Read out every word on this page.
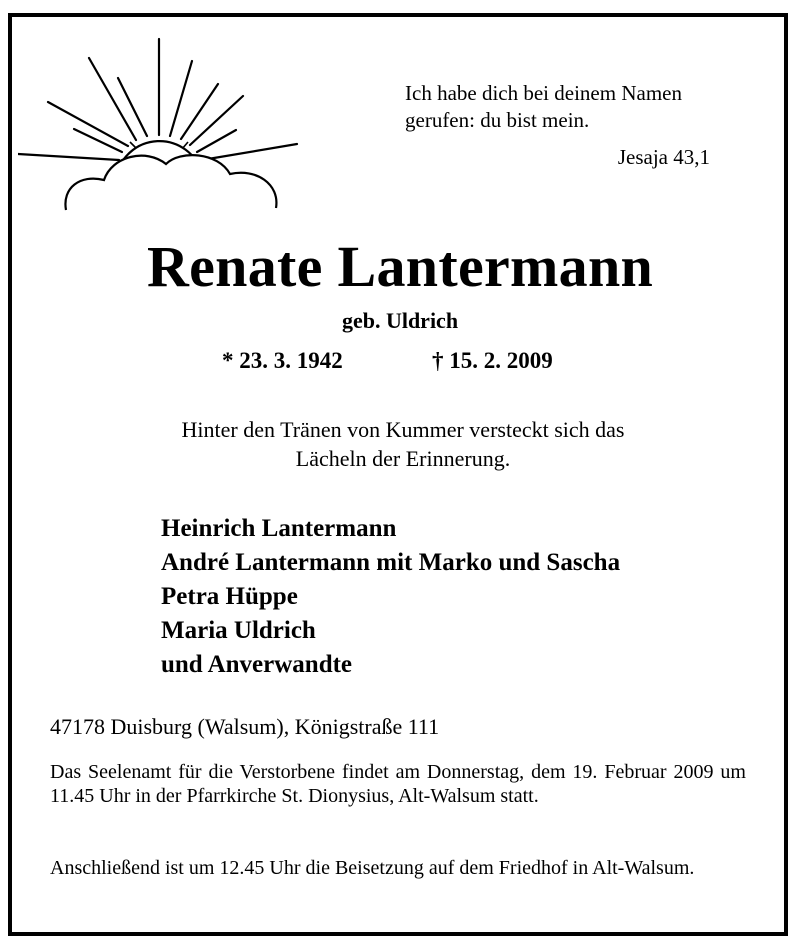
Ich habe dich bei deinem Namen
gerufen: du bist mein.
Jesaja 43,1
Renate Lantermann
geb. Uldrich
* 23. 3. 1942	† 15. 2. 2009
Hinter den Tränen von Kummer versteckt sich das
Lächeln der Erinnerung.
Heinrich Lantermann
André Lantermann mit Marko und Sascha
Petra Hüppe
Maria Uldrich
und Anverwandte
47178 Duisburg (Walsum), Königstraße 111
Das Seelenamt für die Verstorbene findet am Donnerstag, dem 19. Februar 2009 um 11.45 Uhr in der Pfarrkirche St. Dionysius, Alt-Walsum statt.
Anschließend ist um 12.45 Uhr die Beisetzung auf dem Friedhof in Alt-Walsum.
